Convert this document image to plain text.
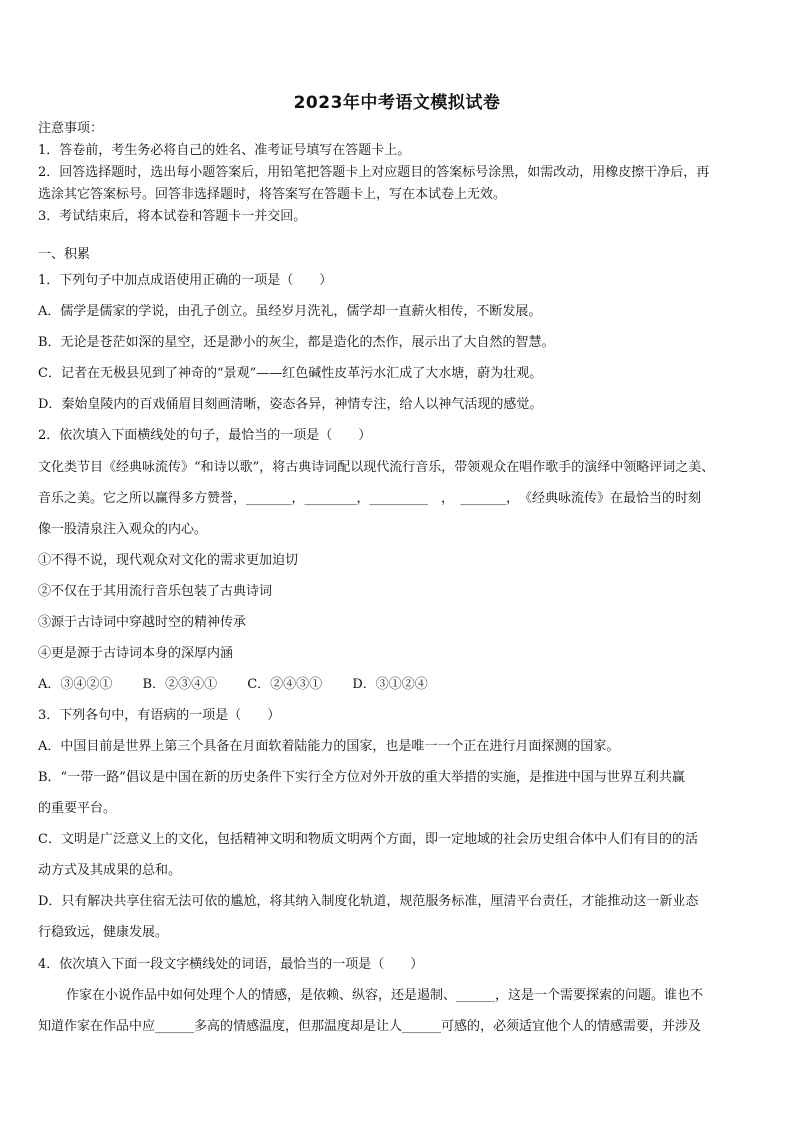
2023年中考语文模拟试卷
注意事项：
1．答卷前，考生务必将自己的姓名、准考证号填写在答题卡上。
2．回答选择题时，选出每小题答案后，用铅笔把答题卡上对应题目的答案标号涂黑，如需改动，用橡皮擦干净后，再
选涂其它答案标号。回答非选择题时，将答案写在答题卡上，写在本试卷上无效。
3．考试结束后，将本试卷和答题卡一并交回。
一、积累
1．下列句子中加点成语使用正确的一项是（　　）
A．儒学是儒家的学说，由孔子创立。虽经岁月洗礼，儒学却一直薪火相传，不断发展。
B．无论是苍茫如深的星空，还是渺小的灰尘，都是造化的杰作，展示出了大自然的智慧。
C．记者在无极县见到了神奇的“景观”——红色碱性皮革污水汇成了大水塘，蔚为壮观。
D．秦始皇陵内的百戏俑眉目刻画清晰，姿态各异，神情专注，给人以神气活现的感觉。
2．依次填入下面横线处的句子，最恰当的一项是（　　）
文化类节目《经典咏流传》“和诗以歌”，将古典诗词配以现代流行音乐，带领观众在唱作歌手的演绎中领略评词之美、
音乐之美。它之所以赢得多方赞誉，_______，________，_________　，　_______，　《经典咏流传》在最恰当的时刻
像一股清泉注入观众的内心。
①不得不说，现代观众对文化的需求更加迫切
②不仅在于其用流行音乐包装了古典诗词
③源于古诗词中穿越时空的精神传承
④更是源于古诗词本身的深厚内涵
A．③④②① B．②③④① C．②④③① D．③①②④
3．下列各句中，有语病的一项是（　　）
A．中国目前是世界上第三个具备在月面软着陆能力的国家，也是唯一一个正在进行月面探测的国家。
B．“一带一路”倡议是中国在新的历史条件下实行全方位对外开放的重大举措的实施，是推进中国与世界互利共赢
的重要平台。
C．文明是广泛意义上的文化，包括精神文明和物质文明两个方面，即一定地域的社会历史组合体中人们有目的的活
动方式及其成果的总和。
D．只有解决共享住宿无法可依的尴尬，将其纳入制度化轨道，规范服务标准，厘清平台责任，才能推动这一新业态
行稳致远，健康发展。
4．依次填入下面一段文字横线处的词语，最恰当的一项是（　　）
作家在小说作品中如何处理个人的情感，是依赖、纵容，还是遏制、______，这是一个需要探索的问题。谁也不
知道作家在作品中应______多高的情感温度，但那温度却是让人______可感的，必须适宜他个人的情感需要，并涉及
